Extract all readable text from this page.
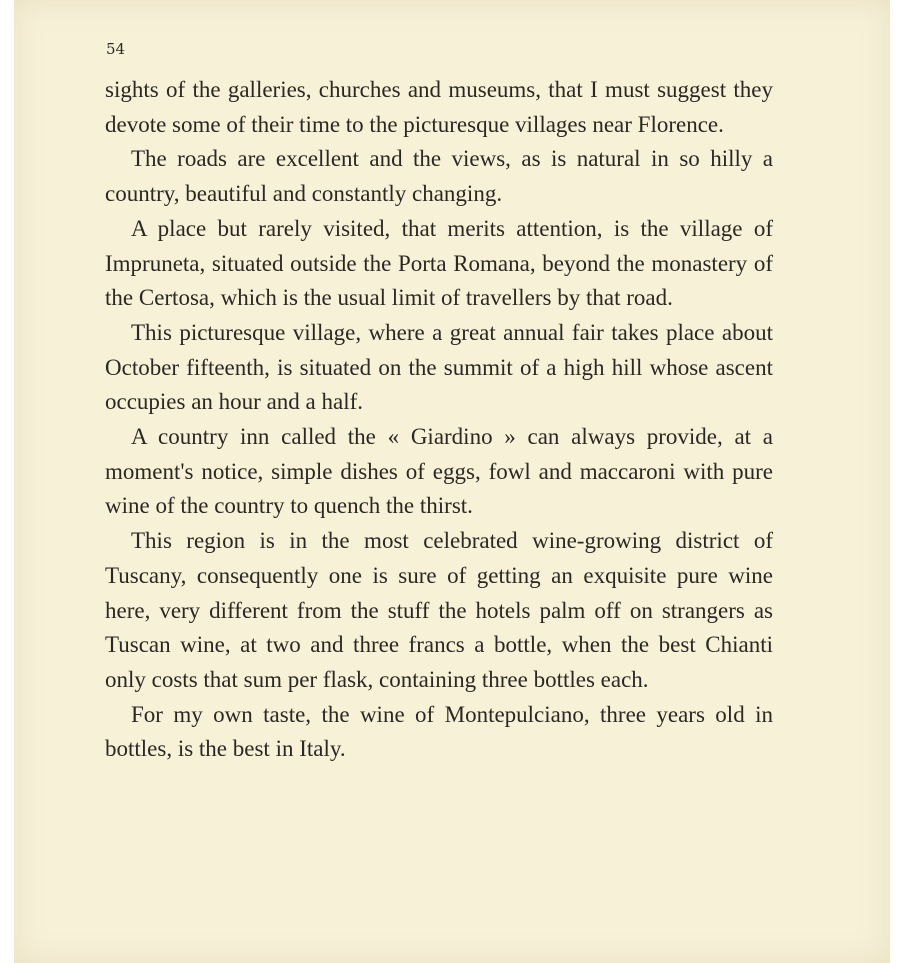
54

sights of the galleries, churches and museums, that I must suggest they devote some of their time to the picturesque villages near Florence.

The roads are excellent and the views, as is natural in so hilly a country, beautiful and constantly changing.

A place but rarely visited, that merits attention, is the village of Impruneta, situated outside the Porta Romana, beyond the monastery of the Certosa, which is the usual limit of travellers by that road.

This picturesque village, where a great annual fair takes place about October fifteenth, is situated on the summit of a high hill whose ascent occupies an hour and a half.

A country inn called the « Giardino » can always provide, at a moment's notice, simple dishes of eggs, fowl and maccaroni with pure wine of the country to quench the thirst.

This region is in the most celebrated wine-growing district of Tuscany, consequently one is sure of getting an exquisite pure wine here, very different from the stuff the hotels palm off on strangers as Tuscan wine, at two and three francs a bottle, when the best Chianti only costs that sum per flask, containing three bottles each.

For my own taste, the wine of Montepulciano, three years old in bottles, is the best in Italy.
